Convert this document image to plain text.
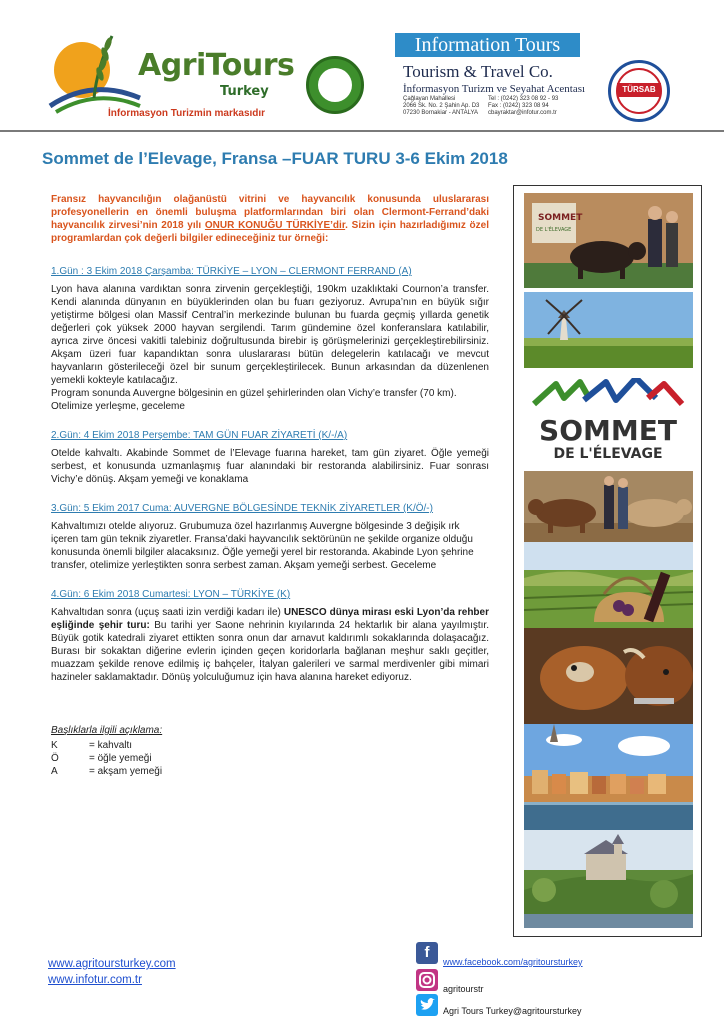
AgriTours
Turkey
İnformasyon Turizmin markasıdır
ATOI
Information Tours
Tourism & Travel Co.
İnformasyon Turizm ve Seyahat Acentası
Çağlayan Mahallesi
2066 Sk. No. 2 Şahin Ap. D3
07230 Bornakiar - ANTALYA
Tel : (0242) 323 08 92 - 93
Fax : (0242) 323 08 94
cbayraktar@infotur.com.tr
TÜRSAB
Sommet de l’Elevage, Fransa –FUAR TURU 3-6 Ekim 2018
Fransız hayvancılığın olağanüstü vitrini ve hayvancılık konusunda uluslararası profesyonellerin en önemli buluşma platformlarından biri olan Clermont-Ferrand’daki hayvancılık zirvesi’nin 2018 yılı ONUR KONUĞU TÜRKİYE’dir. Sizin için hazırladığımız özel programlardan çok değerli bilgiler edineceğiniz tur örneği:
1.Gün : 3 Ekim 2018 Çarşamba: TÜRKİYE – LYON – CLERMONT FERRAND (A)

Lyon hava alanına vardıktan sonra zirvenin gerçekleştiği, 190km uzaklıktaki Cournon’a transfer. Kendi alanında dünyanın en büyüklerinden olan bu fuarı geziyoruz. Avrupa’nın en büyük sığır yetiştirme bölgesi olan Massif Central’in merkezinde bulunan bu fuarda geçmiş yıllarda genetik değerleri çok yüksek 2000 hayvan sergilendi. Tarım gündemine özel konferanslara katılabilir, ayrıca zirve öncesi vakitli talebiniz doğrultusunda birebir iş görüşmelerinizi gerçekleştirebilirsiniz. Akşam üzeri fuar kapandıktan sonra uluslararası bütün delegelerin katılacağı ve mevcut hayvanların gösterileceği özel bir sunum gerçekleştirilecek. Bunun arkasından da düzenlenen yemekli kokteyle katılacağız.

Program sonunda Auvergne bölgesinin en güzel şehirlerinden olan Vichy’e transfer (70 km). Otelimize yerleşme, geceleme

2.Gün: 4 Ekim 2018 Perşembe: TAM GÜN FUAR ZİYARETİ (K/-/A)

Otelde kahvaltı. Akabinde Sommet de l’Elevage fuarına hareket, tam gün ziyaret. Öğle yemeği serbest, et konusunda uzmanlaşmış fuar alanındaki bir restoranda alabilirsiniz. Fuar sonrası Vichy’e dönüş. Akşam yemeği ve konaklama

3.Gün: 5 Ekim 2017 Cuma: AUVERGNE BÖLGESİNDE TEKNİK ZİYARETLER (K/Ö/-)

Kahvaltımızı otelde alıyoruz. Grubumuza özel hazırlanmış Auvergne bölgesinde 3 değişik ırk içeren tam gün teknik ziyaretler. Fransa’daki hayvancılık sektörünün ne şekilde organize olduğu konusunda önemli bilgiler alacaksınız. Öğle yemeği yerel bir restoranda. Akabinde Lyon şehrine transfer, otelimize yerleştikten sonra serbest zaman. Akşam yemeği serbest. Geceleme

4.Gün: 6 Ekim 2018 Cumartesi: LYON – TÜRKİYE (K)

Kahvaltıdan sonra (uçuş saati izin verdiği kadarı ile) UNESCO dünya mirası eski Lyon’da rehber eşliğinde şehir turu: Bu tarihi yer Saone nehrinin kıyılarında 24 hektarlık bir alana yayılmıştır. Büyük gotik katedrali ziyaret ettikten sonra onun dar arnavut kaldırımlı sokaklarında dolaşacağız. Burası bir sokaktan diğerine evlerin içinden geçen koridorlarla bağlanan meşhur saklı geçitler, muazzam şekilde renove edilmiş iç bahçeler, İtalyan galerileri ve sarmal merdivenler gibi mimari hazineler saklamaktadır. Dönüş yolculuğumuz için hava alanına hareket ediyoruz.

Başlıklarla ilgili açıklama:
K	= kahvaltı
Ö	= öğle yemeği
A	= akşam yemeği
SOMMET
DE L'ÉLEVAGE
SOMMET
DE L'ÉLEVAGE
www.agritoursturkey.com
www.infotur.com.tr
f
www.facebook.com/agritoursturkey
agritourstr
Agri Tours Turkey@agritoursturkey
